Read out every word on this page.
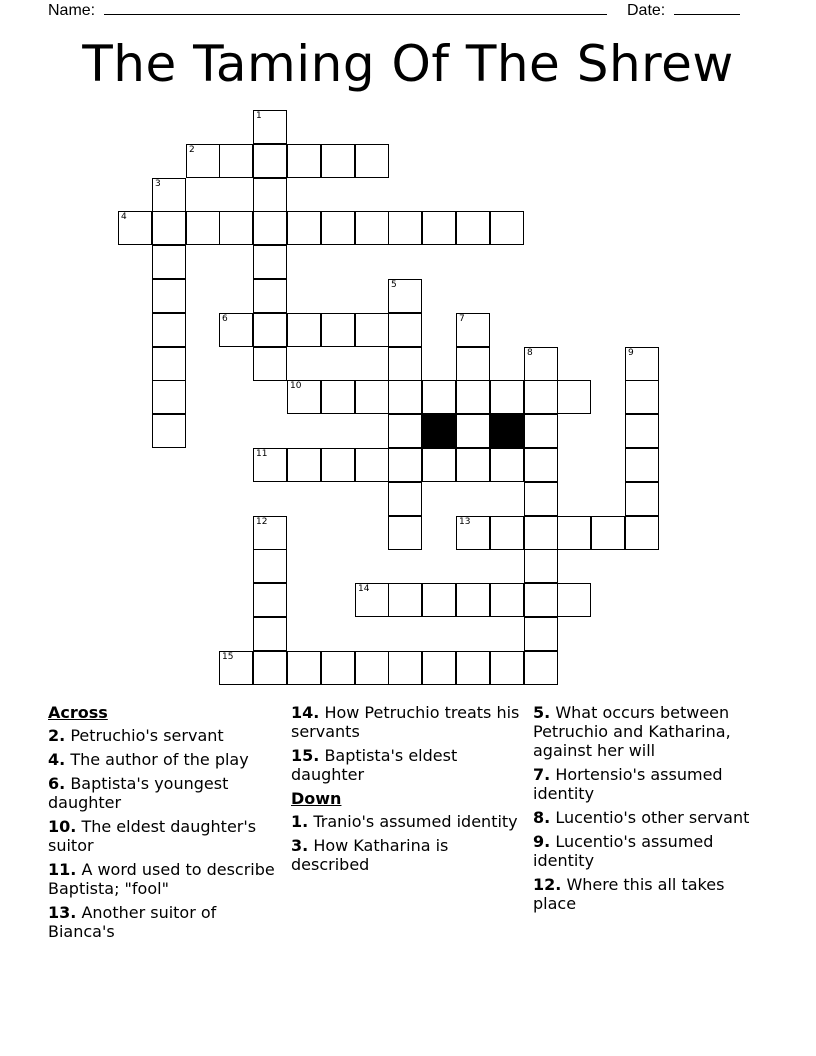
Name:	Date:
The Taming Of The Shrew
1
2
3
4
5
6	7
8	9
10
11
12	13
14
15
Across
2. Petruchio's servant
4. The author of the play
6. Baptista's youngest daughter
10. The eldest daughter's suitor
11. A word used to describe Baptista; "fool"
13. Another suitor of Bianca's
14. How Petruchio treats his servants
15. Baptista's eldest daughter
Down
1. Tranio's assumed identity
3. How Katharina is described
5. What occurs between Petruchio and Katharina, against her will
7. Hortensio's assumed identity
8. Lucentio's other servant
9. Lucentio's assumed identity
12. Where this all takes place
